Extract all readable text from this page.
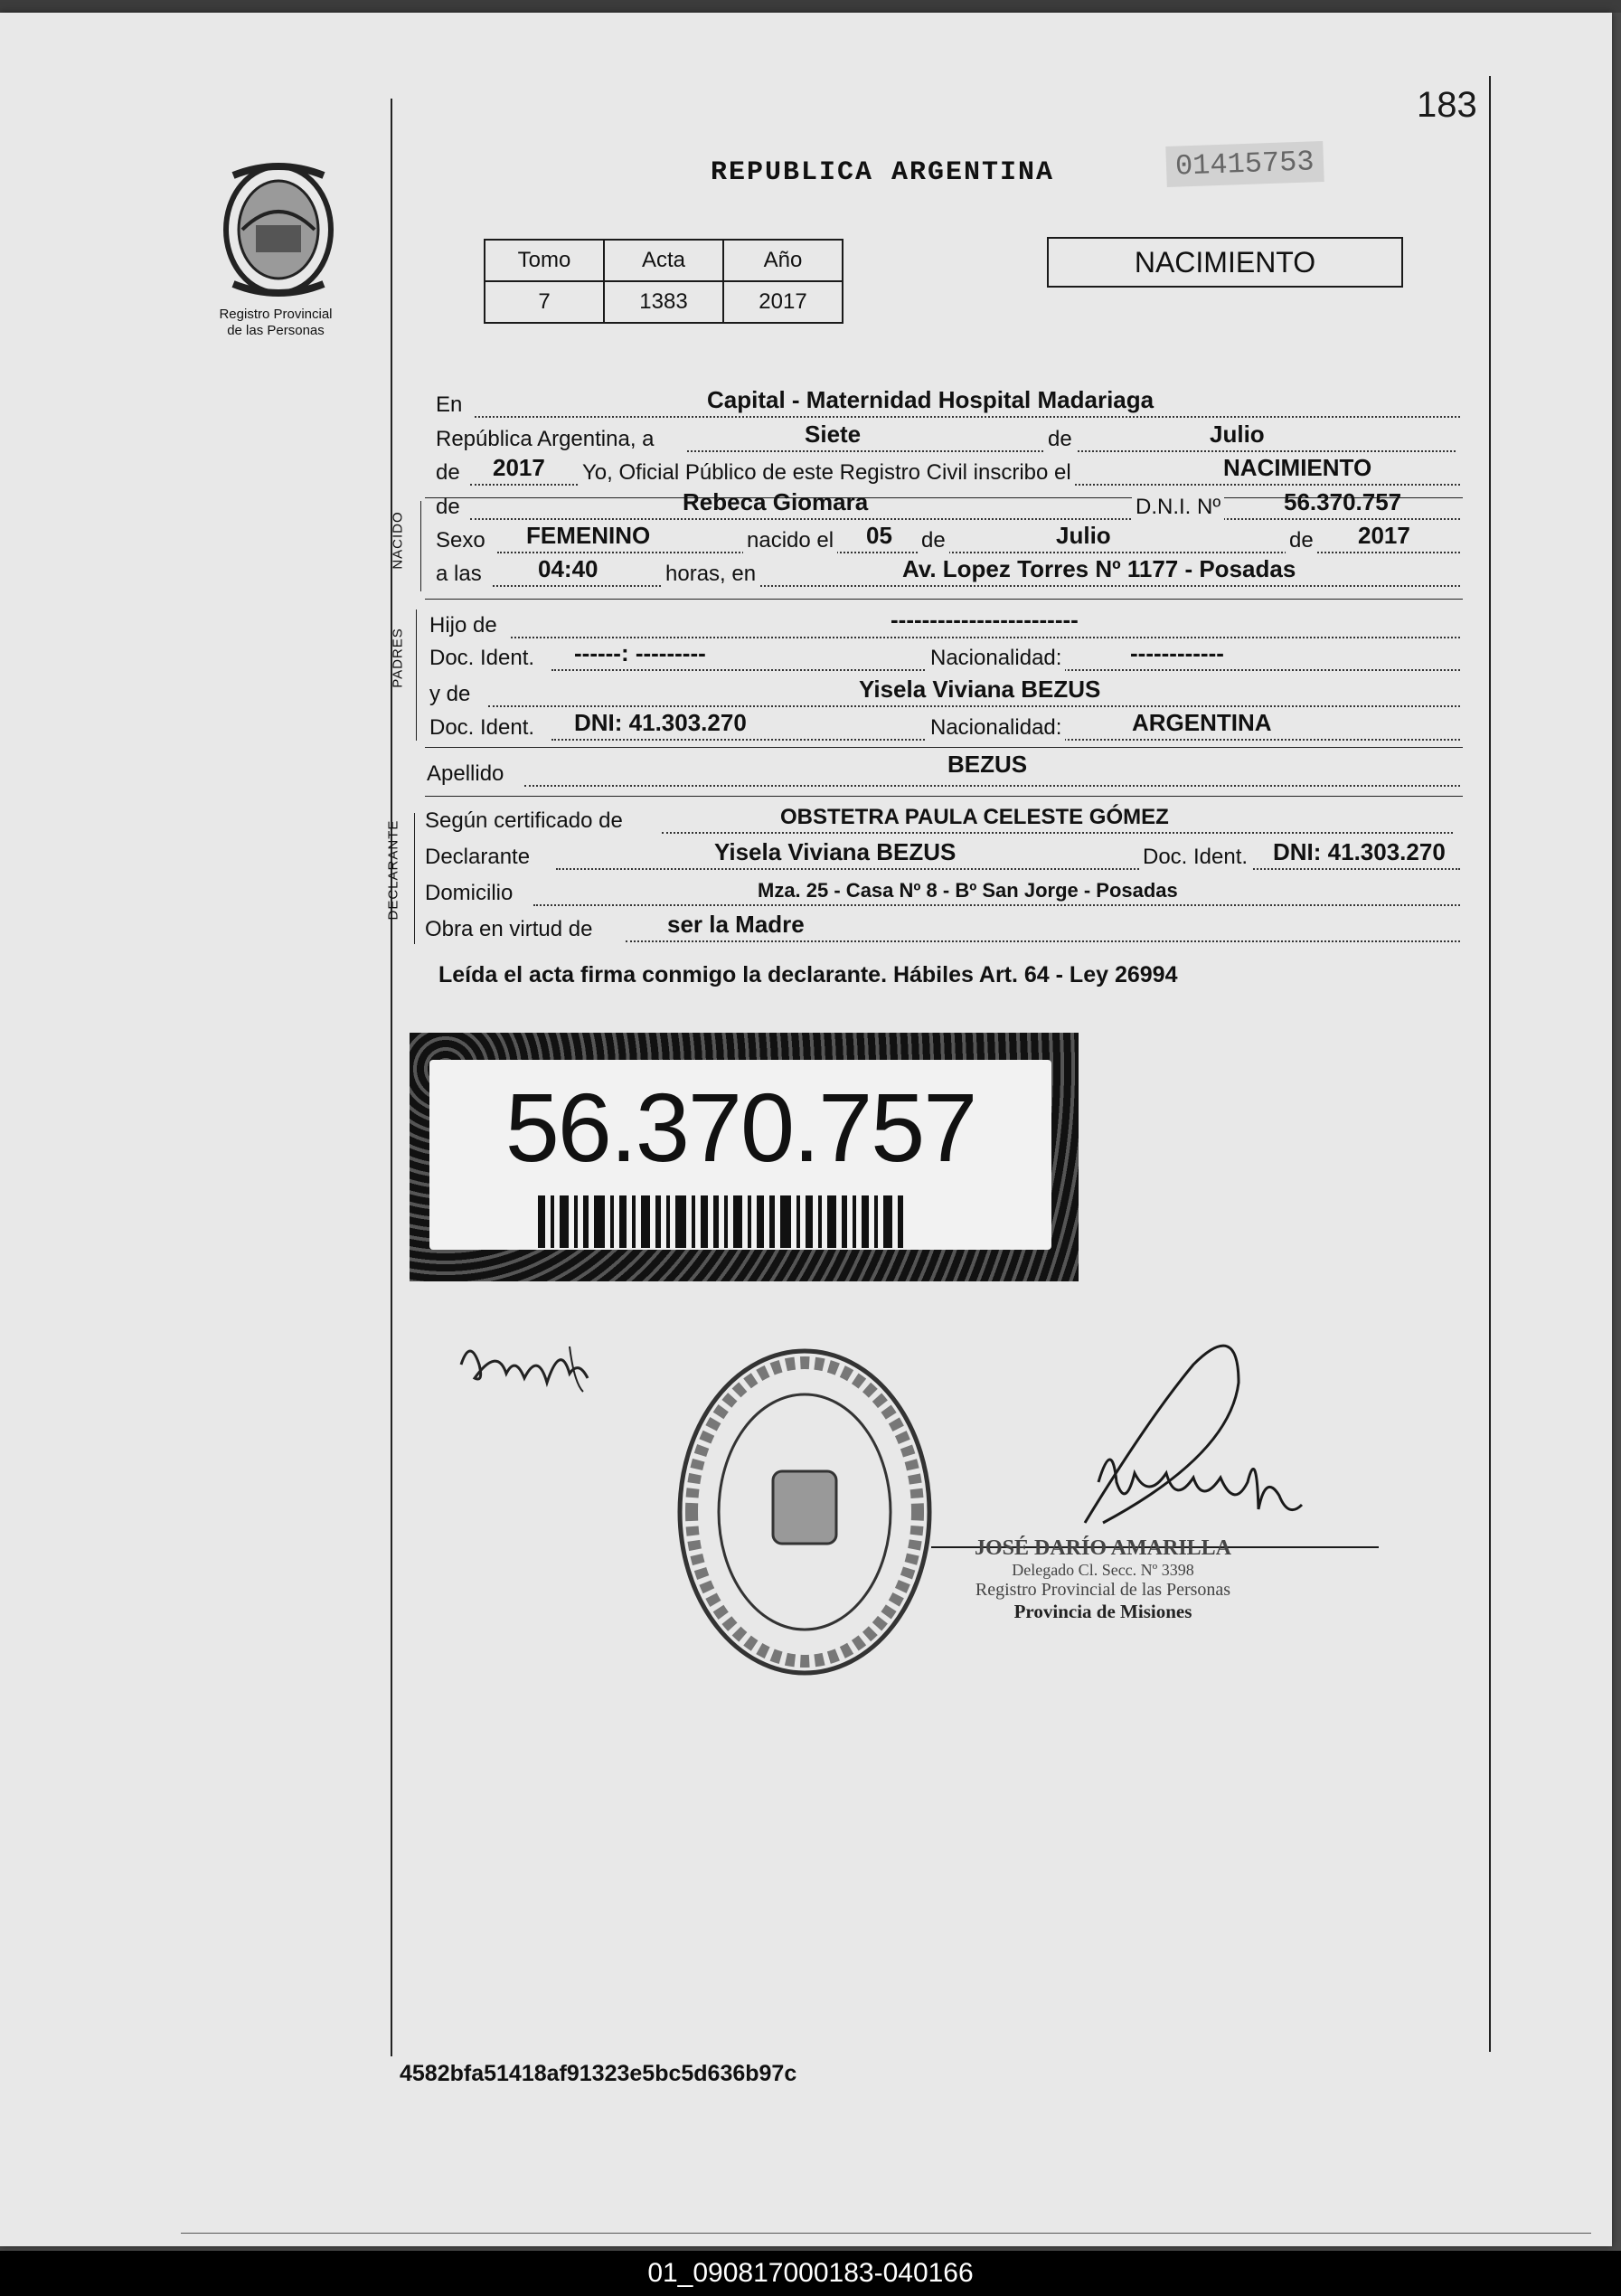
183
Registro Provincial
de las Personas
REPUBLICA ARGENTINA	01415753
Tomo	Acta	Año
7	1383	2017
NACIMIENTO
En	Capital - Maternidad Hospital Madariaga
República Argentina, a	Siete	de	Julio
de 2017 Yo, Oficial Público de este Registro Civil inscribo el	NACIMIENTO
NACIDO
de	Rebeca Giomara	D.N.I. Nº	56.370.757
Sexo FEMENINO	nacido el 05 de	Julio	de 2017
a las 04:40	horas, en	Av. Lopez Torres Nº 1177 - Posadas
PADRES
Hijo de	------------------------
Doc. Ident. ------: ---------	Nacionalidad:	------------
y de	Yisela Viviana BEZUS
Doc. Ident. DNI: 41.303.270	Nacionalidad:	ARGENTINA
Apellido	BEZUS
DECLARANTE Según certificado de	OBSTETRA PAULA CELESTE GÓMEZ
Declarante	Yisela Viviana BEZUS	Doc. Ident. DNI: 41.303.270
Domicilio	Mza. 25 - Casa Nº 8 - Bº San Jorge - Posadas
Obra en virtud de	ser la Madre
Leída el acta firma conmigo la declarante. Hábiles Art. 64 - Ley 26994
56.370.757
JOSÉ DARÍO AMARILLA
Delegado Cl. Secc. Nº 3398
Registro Provincial de las Personas
Provincia de Misiones
4582bfa51418af91323e5bc5d636b97c
01_090817000183-040166
